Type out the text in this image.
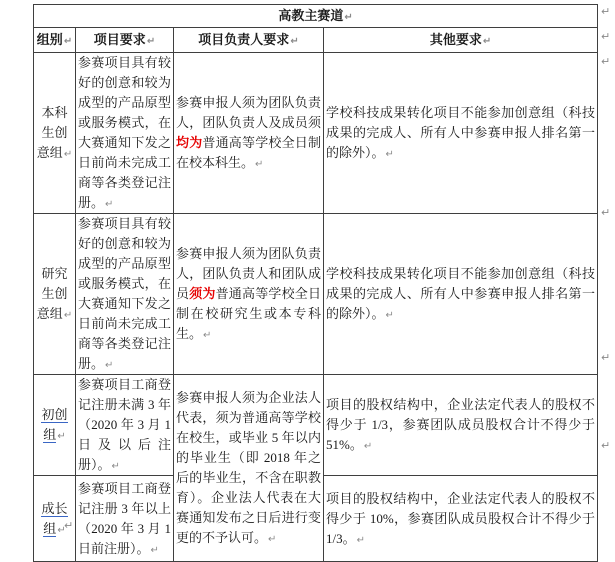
高教主赛道↵			
组别↵	项目要求↵	项目负责人要求↵	其他要求↵
本科生创意组↵	参赛项目具有较好的创意和较为成型的产品原型或服务模式，在大赛通知下发之日前尚未完成工商等各类登记注册。↵	参赛申报人须为团队负责人，团队负责人及成员须均为普通高等学校全日制在校本科生。↵	学校科技成果转化项目不能参加创意组（科技成果的完成人、所有人中参赛申报人排名第一的除外）。↵
研究生创意组↵	参赛项目具有较好的创意和较为成型的产品原型或服务模式，在大赛通知下发之日前尚未完成工商等各类登记注册。↵	参赛申报人须为团队负责人，团队负责人和团队成员须为普通高等学校全日制在校研究生或本专科生。↵	学校科技成果转化项目不能参加创意组（科技成果的完成人、所有人中参赛申报人排名第一的除外）。↵
初创组↵	参赛项目工商登记注册未满 3 年（2020 年 3 月 1 日及以后注册）。↵	参赛申报人须为企业法人代表，须为普通高等学校在校生，或毕业 5 年以内的毕业生（即 2018 年之后的毕业生，不含在职教育）。企业法人代表在大赛通知发布之日后进行变更的不予认可。↵	项目的股权结构中，企业法定代表人的股权不得少于 1/3，参赛团队成员股权合计不得少于 51%。↵
成长组↵	参赛项目工商登记注册 3 年以上（2020 年 3 月 1 日前注册）。↵		项目的股权结构中，企业法定代表人的股权不得少于 10%，参赛团队成员股权合计不得少于 1/3。↵
↵
↵
↵
↵
↵
↵
↵
